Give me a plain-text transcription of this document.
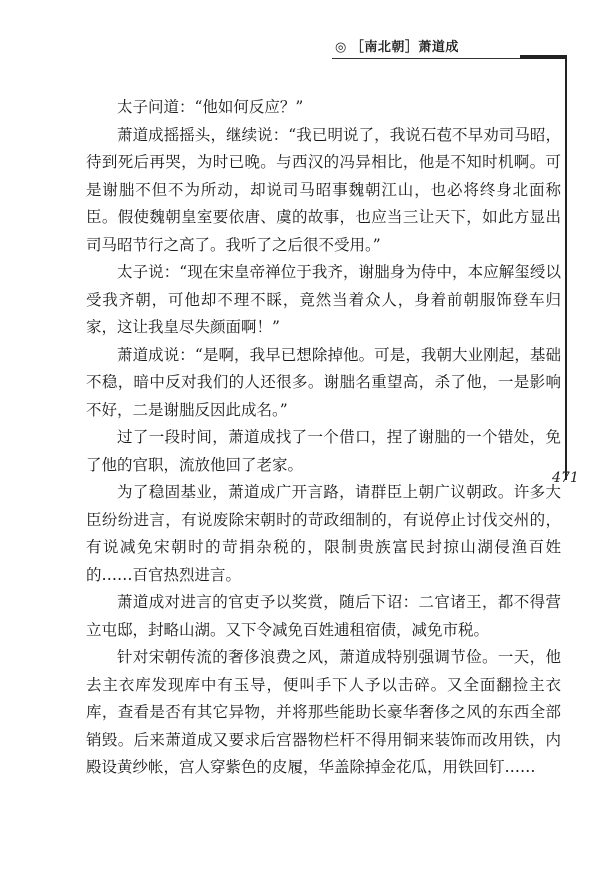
◎ ［南北朝］萧道成
471

太子问道：“他如何反应？”

萧道成摇摇头，继续说：“我已明说了，我说石苞不早劝司马昭，待到死后再哭，为时已晚。与西汉的冯异相比，他是不知时机啊。可是谢朏不但不为所动，却说司马昭事魏朝江山，也必将终身北面称臣。假使魏朝皇室要依唐、虞的故事，也应当三让天下，如此方显出司马昭节行之高了。我听了之后很不受用。”

太子说：“现在宋皇帝禅位于我齐，谢朏身为侍中，本应解玺绶以受我齐朝，可他却不理不睬，竟然当着众人，身着前朝服饰登车归家，这让我皇尽失颜面啊！”

萧道成说：“是啊，我早已想除掉他。可是，我朝大业刚起，基础不稳，暗中反对我们的人还很多。谢朏名重望高，杀了他，一是影响不好，二是谢朏反因此成名。”

过了一段时间，萧道成找了一个借口，捏了谢朏的一个错处，免了他的官职，流放他回了老家。

为了稳固基业，萧道成广开言路，请群臣上朝广议朝政。许多大臣纷纷进言，有说废除宋朝时的苛政细制的，有说停止讨伐交州的，有说减免宋朝时的苛捐杂税的，限制贵族富民封掠山湖侵渔百姓的……百官热烈进言。

萧道成对进言的官吏予以奖赏，随后下诏：二官诸王，都不得营立屯邸，封略山湖。又下令减免百姓逋租宿债，减免市税。

针对宋朝传流的奢侈浪费之风，萧道成特别强调节俭。一天，他去主衣库发现库中有玉导，便叫手下人予以击碎。又全面翻捡主衣库，查看是否有其它异物，并将那些能助长豪华奢侈之风的东西全部销毁。后来萧道成又要求后宫器物栏杆不得用铜来装饰而改用铁，内殿设黄纱帐，宫人穿紫色的皮履，华盖除掉金花瓜，用铁回钉……
